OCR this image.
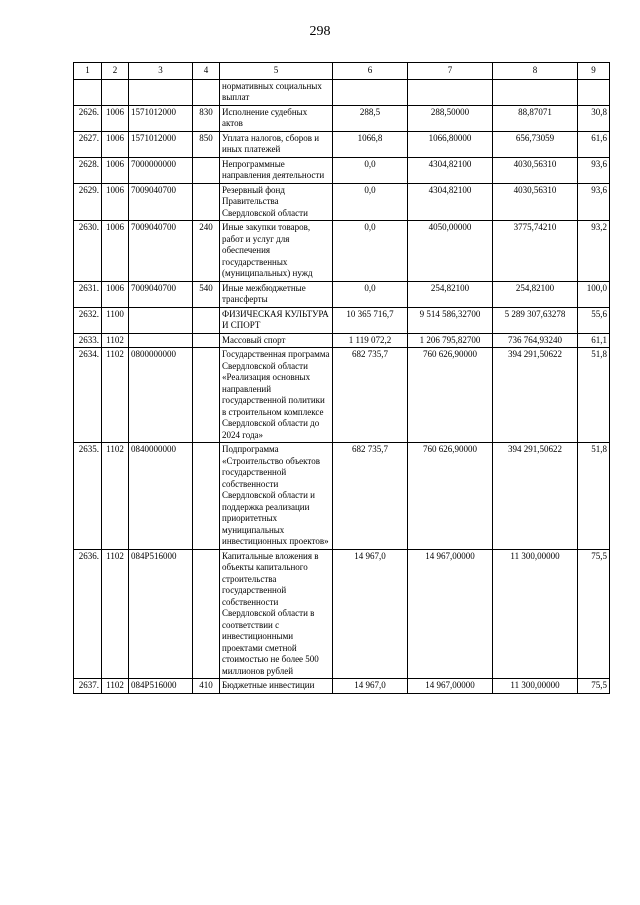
298
1	2	3	4	5	6	7	8	9
				нормативных социальных выплат				
2626.	1006	1571012000	830	Исполнение судебных актов	288,5	288,50000	88,87071	30,8
2627.	1006	1571012000	850	Уплата налогов, сборов и иных платежей	1066,8	1066,80000	656,73059	61,6
2628.	1006	7000000000		Непрограммные направления деятельности	0,0	4304,82100	4030,56310	93,6
2629.	1006	7009040700		Резервный фонд Правительства Свердловской области	0,0	4304,82100	4030,56310	93,6
2630.	1006	7009040700	240	Иные закупки товаров, работ и услуг для обеспечения государственных (муниципальных) нужд	0,0	4050,00000	3775,74210	93,2
2631.	1006	7009040700	540	Иные межбюджетные трансферты	0,0	254,82100	254,82100	100,0
2632.	1100			ФИЗИЧЕСКАЯ КУЛЬТУРА И СПОРТ	10 365 716,7	9 514 586,32700	5 289 307,63278	55,6
2633.	1102			Массовый спорт	1 119 072,2	1 206 795,82700	736 764,93240	61,1
2634.	1102	0800000000		Государственная программа Свердловской области «Реализация основных направлений государственной политики в строительном комплексе Свердловской области до 2024 года»	682 735,7	760 626,90000	394 291,50622	51,8
2635.	1102	0840000000		Подпрограмма «Строительство объектов государственной собственности Свердловской области и поддержка реализации приоритетных муниципальных инвестиционных проектов»	682 735,7	760 626,90000	394 291,50622	51,8
2636.	1102	084P516000		Капитальные вложения в объекты капитального строительства государственной собственности Свердловской области в соответствии с инвестиционными проектами сметной стоимостью не более 500 миллионов рублей	14 967,0	14 967,00000	11 300,00000	75,5
2637.	1102	084P516000	410	Бюджетные инвестиции	14 967,0	14 967,00000	11 300,00000	75,5
